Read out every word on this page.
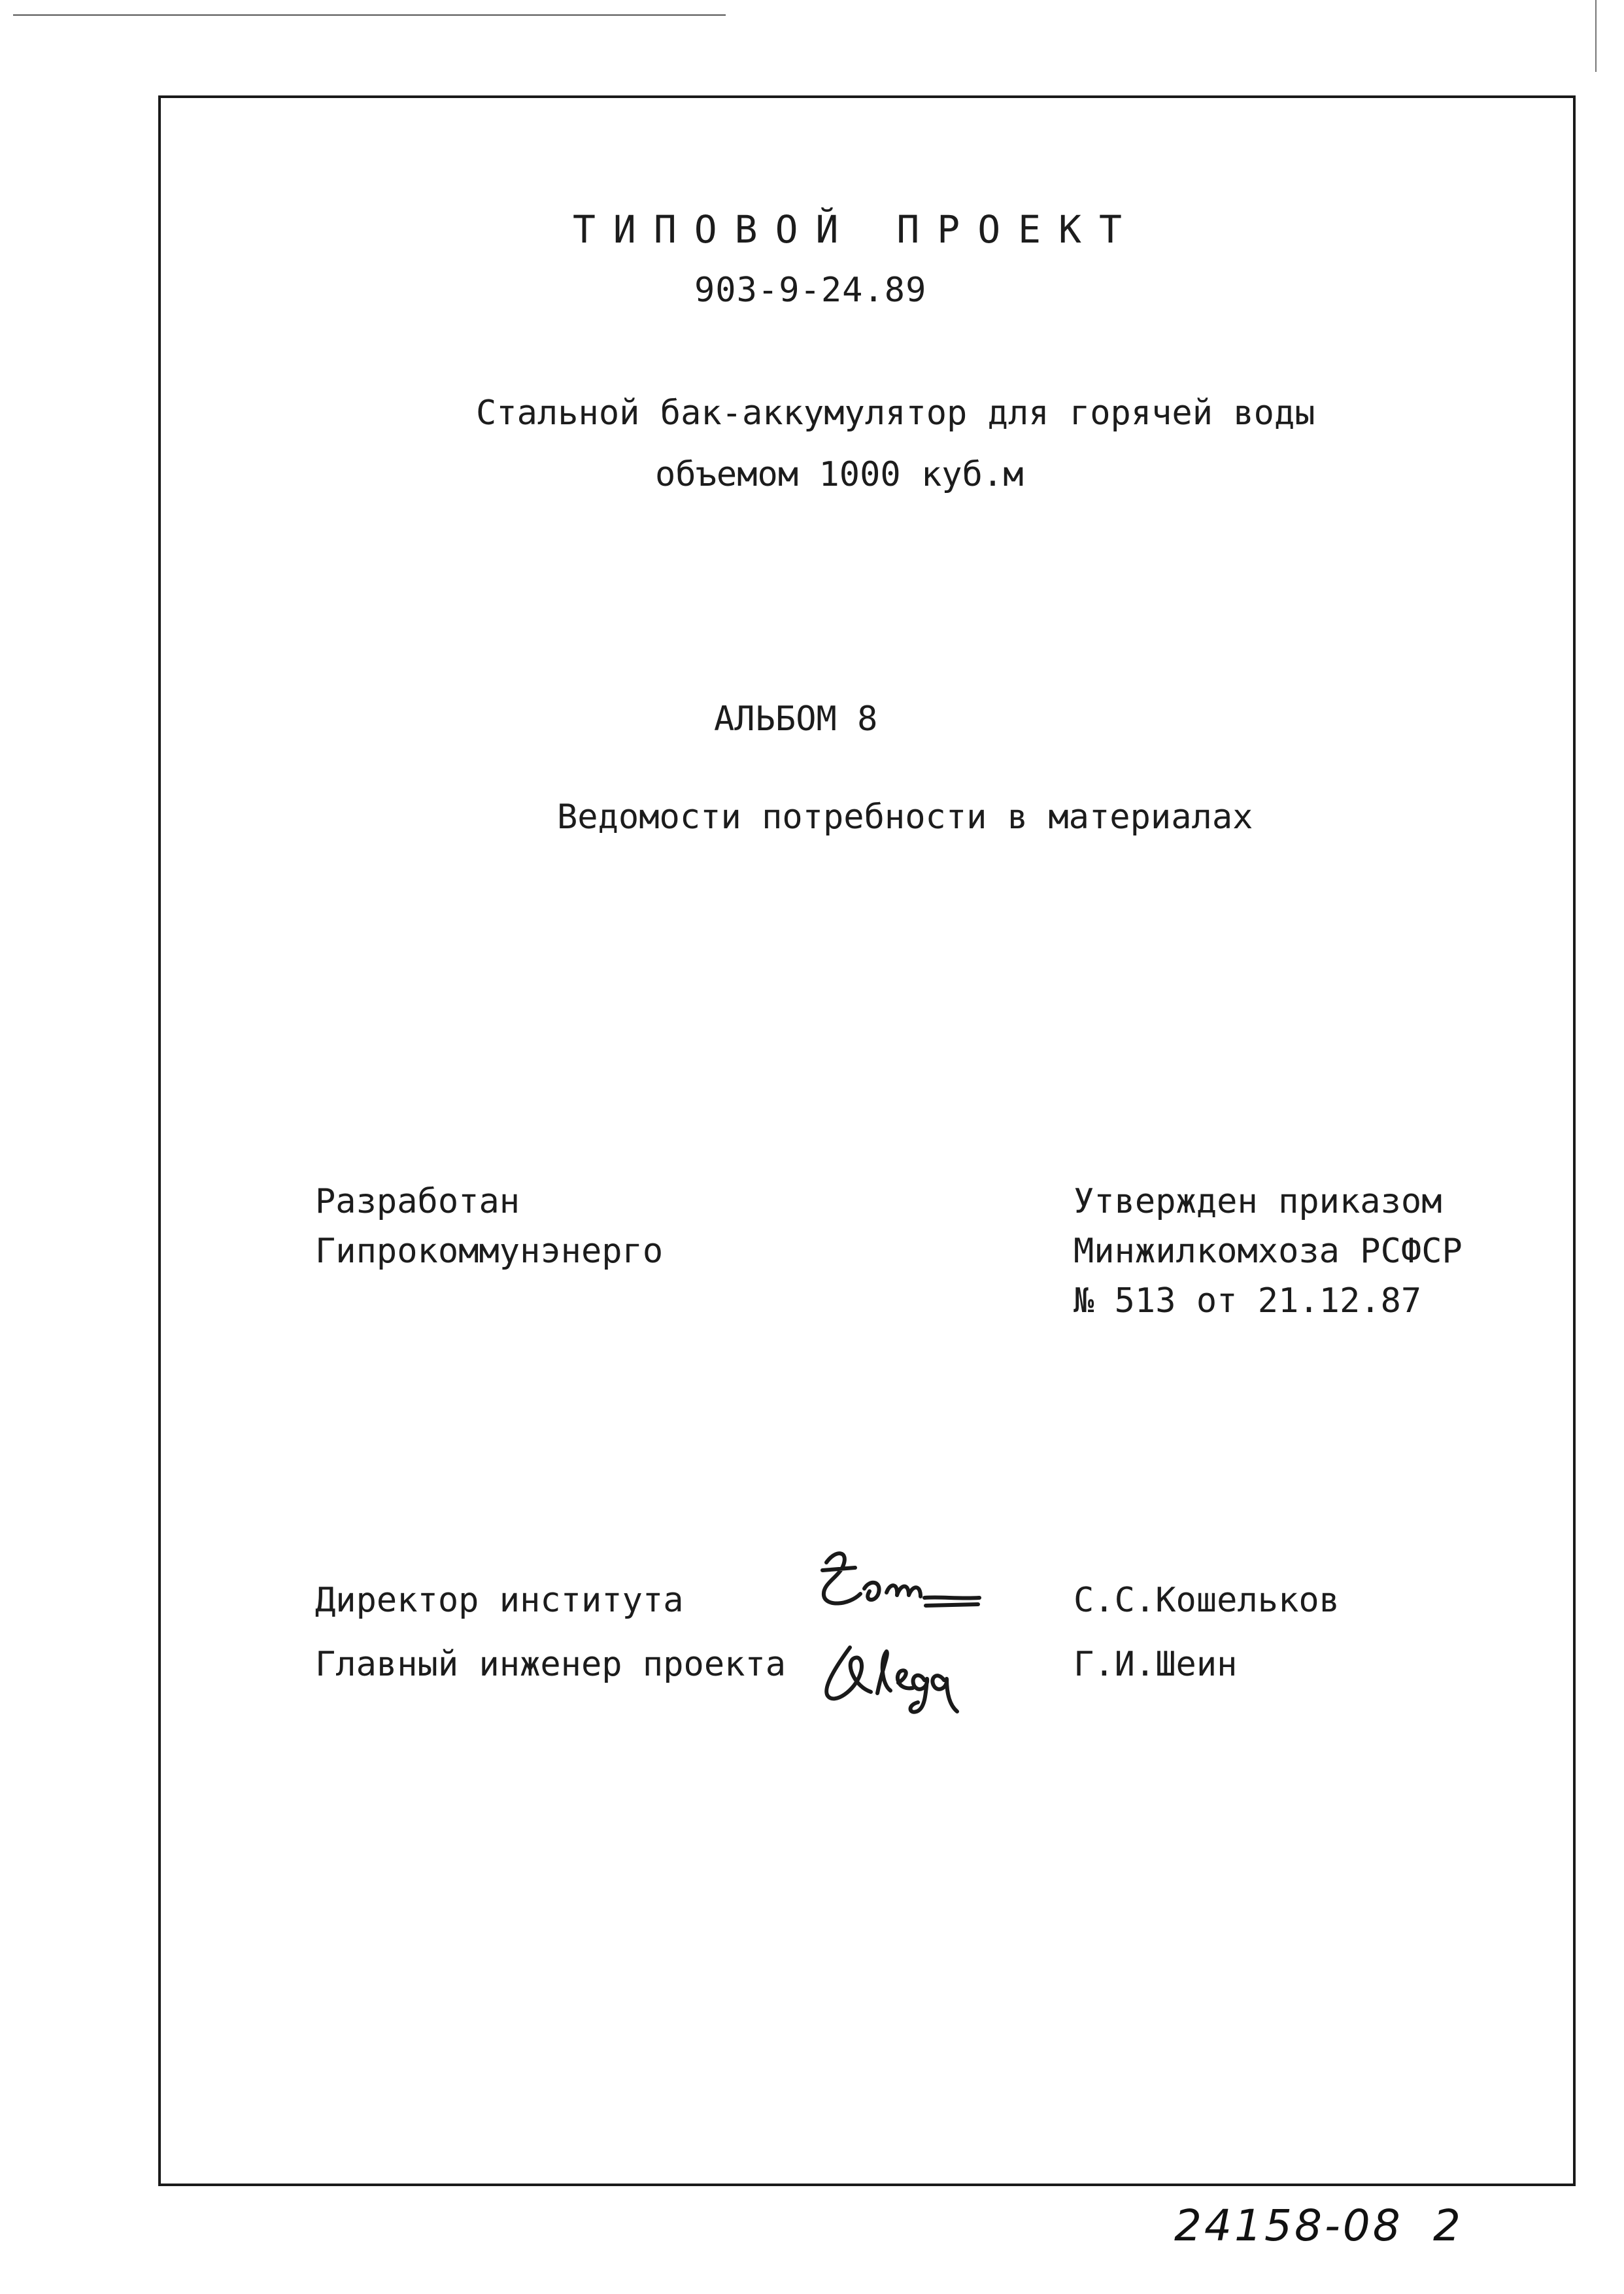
ТИПОВОЙ ПРОЕКТ
903-9-24.89
Стальной бак-аккумулятор для горячей воды
объемом 1000 куб.м
АЛЬБОМ 8
Ведомости потребности в материалах
Разработан
Гипрокоммунэнерго
Утвержден приказом
Минжилкомхоза РСФСР
№ 513 от 21.12.87
Директор института	С.С.Кошельков
Главный инженер проекта	Г.И.Шеин
24158-08 2
